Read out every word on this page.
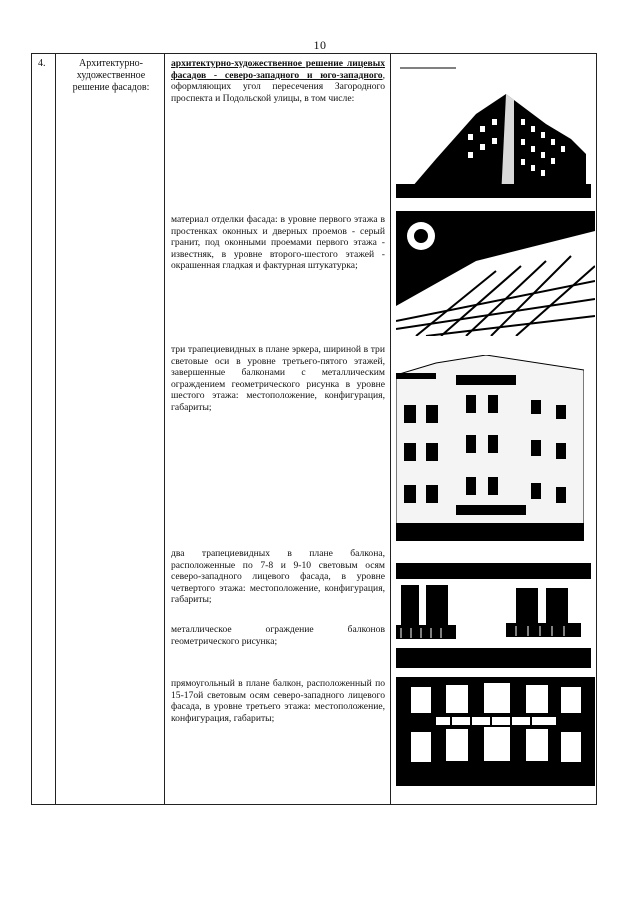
10
4.	Архитектурно-художественное решение фасадов:
архитектурно-художественное решение лицевых фасадов - северо-западного и юго-западного, оформляющих угол пересечения Загородного проспекта и Подольской улицы, в том числе:
материал отделки фасада: в уровне первого этажа в простенках оконных и дверных проемов - серый гранит, под оконными проемами первого этажа - известняк, в уровне второго-шестого этажей - окрашенная гладкая и фактурная штукатурка;
три трапециевидных в плане эркера, шириной в три световые оси в уровне третьего-пятого этажей, завершенные балконами с металлическим ограждением геометрического рисунка в уровне шестого этажа: местоположение, конфигурация, габариты;
два трапециевидных в плане балкона, расположенные по 7-8 и 9-10 световым осям северо-западного лицевого фасада, в уровне четвертого этажа: местоположение, конфигурация, габариты;
металлическое ограждение балконов геометрического рисунка;
прямоугольный в плане балкон, расположенный по 15-17ой световым осям северо-западного лицевого фасада, в уровне третьего этажа: местоположение, конфигурация, габариты;
